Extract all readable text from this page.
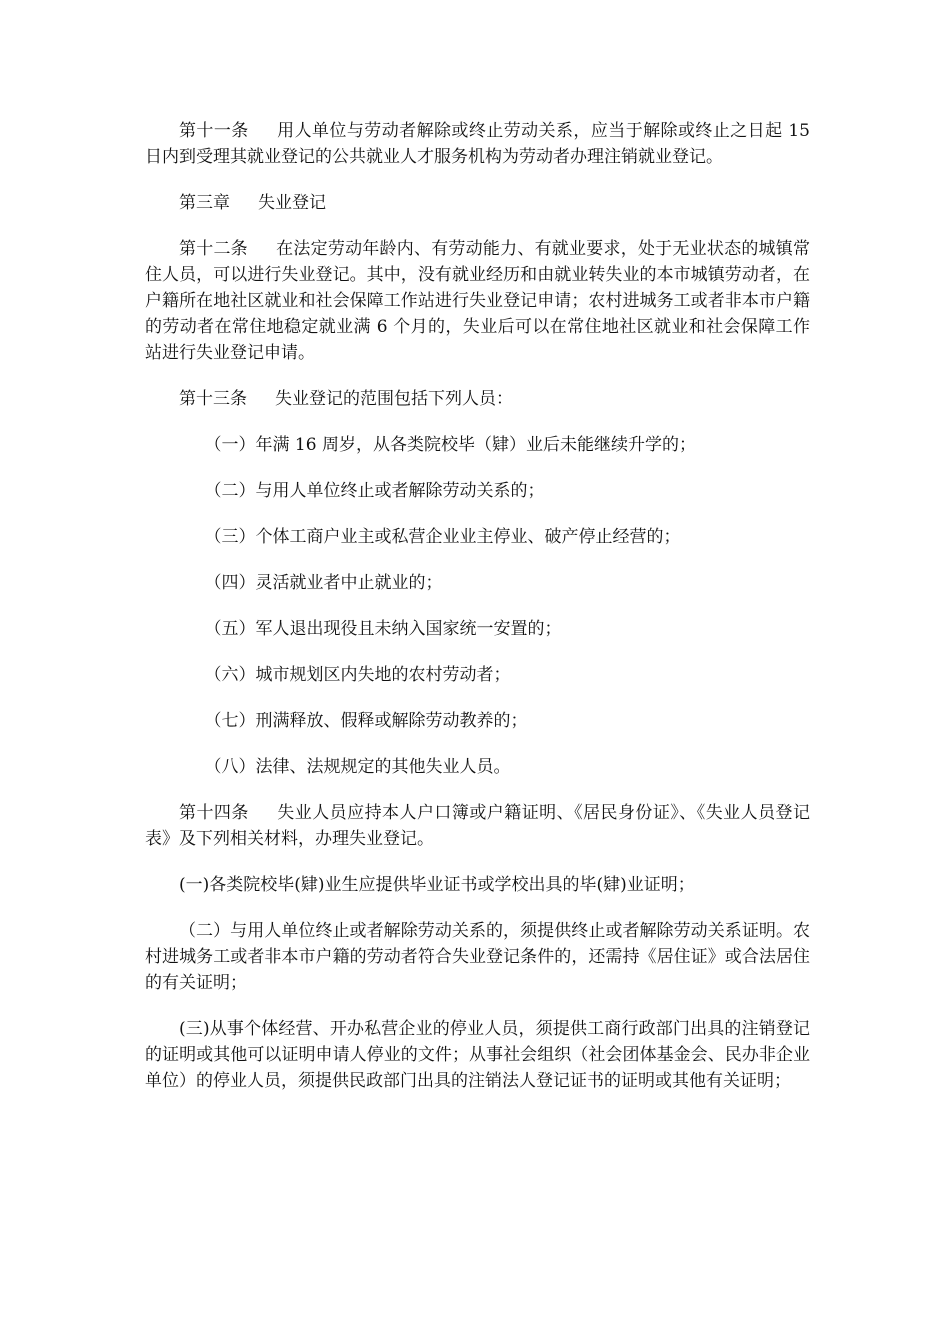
第十一条 用人单位与劳动者解除或终止劳动关系，应当于解除或终止之日起 15 日内到受理其就业登记的公共就业人才服务机构为劳动者办理注销就业登记。

第三章 失业登记

第十二条 在法定劳动年龄内、有劳动能力、有就业要求，处于无业状态的城镇常住人员，可以进行失业登记。其中，没有就业经历和由就业转失业的本市城镇劳动者，在户籍所在地社区就业和社会保障工作站进行失业登记申请；农村进城务工或者非本市户籍的劳动者在常住地稳定就业满 6 个月的，失业后可以在常住地社区就业和社会保障工作站进行失业登记申请。

第十三条 失业登记的范围包括下列人员：

（一）年满 16 周岁，从各类院校毕（肄）业后未能继续升学的；

（二）与用人单位终止或者解除劳动关系的；

（三）个体工商户业主或私营企业业主停业、破产停止经营的；

（四）灵活就业者中止就业的；

（五）军人退出现役且未纳入国家统一安置的；

（六）城市规划区内失地的农村劳动者；

（七）刑满释放、假释或解除劳动教养的；

（八）法律、法规规定的其他失业人员。

第十四条 失业人员应持本人户口簿或户籍证明、《居民身份证》、《失业人员登记表》及下列相关材料，办理失业登记。

(一)各类院校毕(肄)业生应提供毕业证书或学校出具的毕(肄)业证明；

（二）与用人单位终止或者解除劳动关系的，须提供终止或者解除劳动关系证明。农村进城务工或者非本市户籍的劳动者符合失业登记条件的，还需持《居住证》或合法居住的有关证明；

(三)从事个体经营、开办私营企业的停业人员，须提供工商行政部门出具的注销登记的证明或其他可以证明申请人停业的文件；从事社会组织（社会团体基金会、民办非企业单位）的停业人员，须提供民政部门出具的注销法人登记证书的证明或其他有关证明；
